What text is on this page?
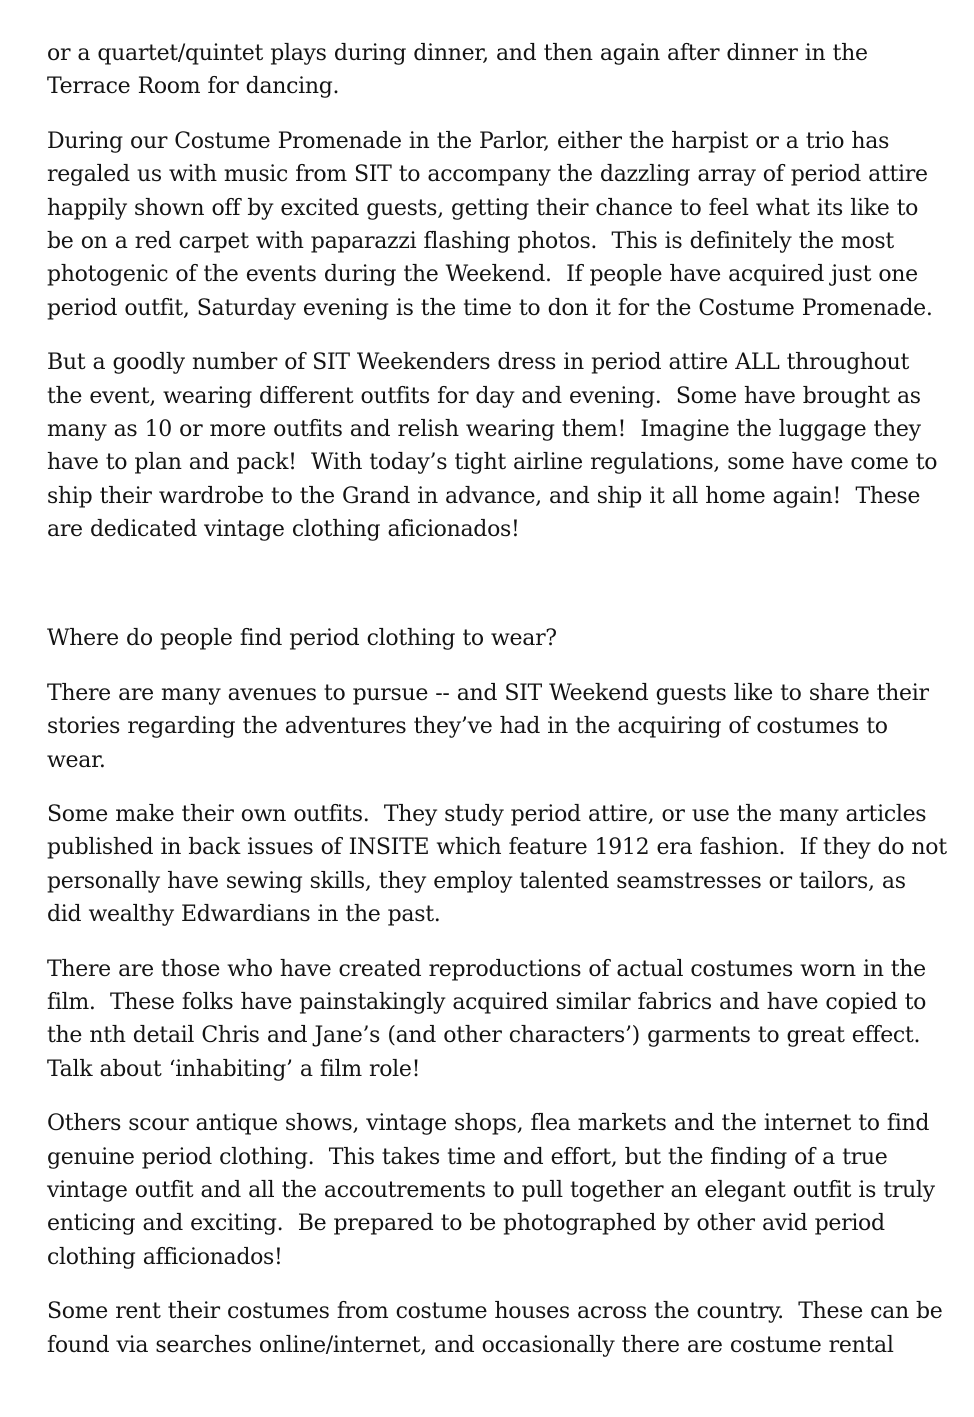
or a quartet/quintet plays during dinner, and then again after dinner in the
Terrace Room for dancing.
During our Costume Promenade in the Parlor, either the harpist or a trio has
regaled us with music from SIT to accompany the dazzling array of period attire
happily shown off by excited guests, getting their chance to feel what its like to
be on a red carpet with paparazzi flashing photos.  This is definitely the most
photogenic of the events during the Weekend.  If people have acquired just one
period outfit, Saturday evening is the time to don it for the Costume Promenade.
But a goodly number of SIT Weekenders dress in period attire ALL throughout
the event, wearing different outfits for day and evening.  Some have brought as
many as 10 or more outfits and relish wearing them!  Imagine the luggage they
have to plan and pack!  With today’s tight airline regulations, some have come to
ship their wardrobe to the Grand in advance, and ship it all home again!  These
are dedicated vintage clothing aficionados!
Where do people find period clothing to wear?
There are many avenues to pursue -- and SIT Weekend guests like to share their
stories regarding the adventures they’ve had in the acquiring of costumes to
wear.
Some make their own outfits.  They study period attire, or use the many articles
published in back issues of INSITE which feature 1912 era fashion.  If they do not
personally have sewing skills, they employ talented seamstresses or tailors, as
did wealthy Edwardians in the past.
There are those who have created reproductions of actual costumes worn in the
film.  These folks have painstakingly acquired similar fabrics and have copied to
the nth detail Chris and Jane’s (and other characters’) garments to great effect.
Talk about ‘inhabiting’ a film role!
Others scour antique shows, vintage shops, flea markets and the internet to find
genuine period clothing.  This takes time and effort, but the finding of a true
vintage outfit and all the accoutrements to pull together an elegant outfit is truly
enticing and exciting.  Be prepared to be photographed by other avid period
clothing afficionados!
Some rent their costumes from costume houses across the country.  These can be
found via searches online/internet, and occasionally there are costume rental
